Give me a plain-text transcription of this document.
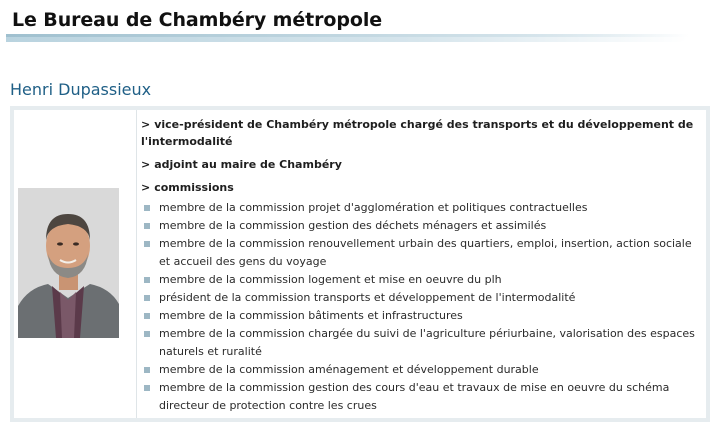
Le Bureau de Chambéry métropole
Henri Dupassieux
> vice-président de Chambéry métropole chargé des transports et du développement de l'intermodalité
> adjoint au maire de Chambéry
> commissions
membre de la commission projet d'agglomération et politiques contractuelles
membre de la commission gestion des déchets ménagers et assimilés
membre de la commission renouvellement urbain des quartiers, emploi, insertion, action sociale et accueil des gens du voyage
membre de la commission logement et mise en oeuvre du plh
président de la commission transports et développement de l'intermodalité
membre de la commission bâtiments et infrastructures
membre de la commission chargée du suivi de l'agriculture périurbaine, valorisation des espaces naturels et ruralité
membre de la commission aménagement et développement durable
membre de la commission gestion des cours d'eau et travaux de mise en oeuvre du schéma directeur de protection contre les crues
